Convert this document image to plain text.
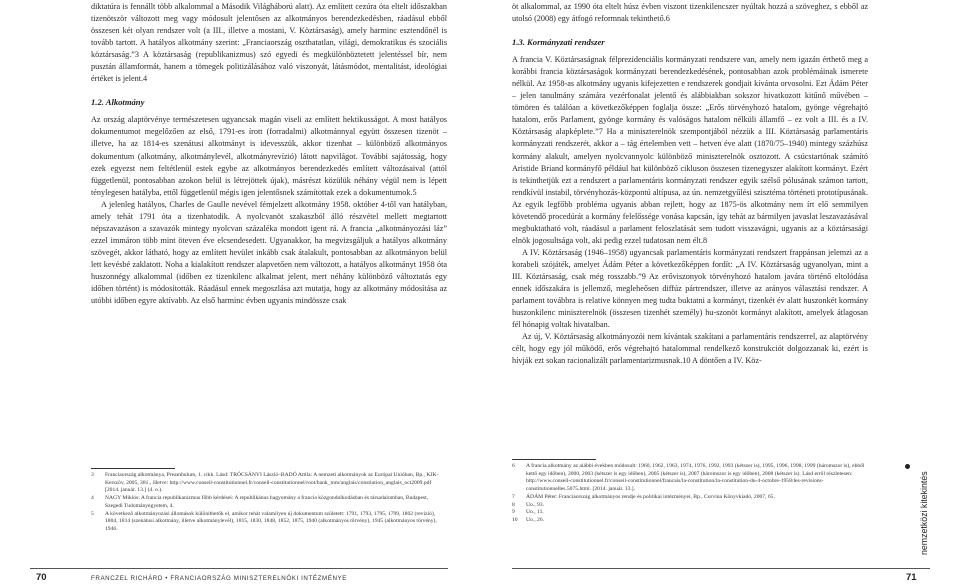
diktatúra is fennállt több alkalommal a Második Világháború alatt). Az említett cezúra óta eltelt időszakban tizenötször változott meg vagy módosult jelentősen az alkotmányos berendezkedésben, ráadásul ebből összesen két olyan rendszer volt (a III., illetve a mostani, V. Köztársaság), amely harminc esztendőnél is tovább tartott. A hatályos alkotmány szerint: „Franciaország oszthatatlan, világi, demokratikus és szociális köztársaság.”3 A köztársaság (republikanizmus) szó egyedi és megkülönböztetett jelentéssel bír, nem pusztán államformát, hanem a tömegek politizálásához való viszonyát, látásmódot, mentalitást, ideológiai értéket is jelent.4

1.2. Alkotmány

Az ország alaptörvénye természetesen ugyancsak magán viseli az említett hektikusságot. A most hatályos dokumentumot megelőzően az első, 1791-es írott (forradalmi) alkotmánnyal együtt összesen tizenöt – illetve, ha az 1814-es szenátusi alkotmányt is idevesszük, akkor tizenhat – különböző alkotmányos dokumentum (alkotmány, alkotmánylevél, alkotmányrevízió) látott napvilágot. További sajátosság, hogy ezek egyezst nem feltétlenül estek egybe az alkotmányos berendezkedés említett változásaival (attól függetlenül, pontosabban azokon belül is létrejöttek újak), másrészt közülük néhány végül nem is lépett ténylegesen hatályba, ettől függetlenül mégis igen jelentősnek számítottak ezek a dokumentumok.5

A jelenleg hatályos, Charles de Gaulle nevével fémjelzett alkotmány 1958. október 4-től van hatályban, amely tehát 1791 óta a tizenhatodik. A nyolcvanöt szakaszból álló részvétel mellett megtartott népszavazáson a szavazók mintegy nyolcvan százaléka mondott igent rá. A francia „alkotmányozási láz” ezzel immáron több mint öteven éve elcsendesedett. Ugyanakkor, ha megvizsgáljuk a hatályos alkotmány szövegét, akkor látható, hogy az említett hevület inkább csak átalakult, pontosabban az alkotmányon belül lett kevésbé zaklatott. Noha a kialakított rendszer alapvetően nem változott, a hatályos alkotmányt 1958 óta huszonnégy alkalommal (időben ez tizenkilenc alkalmat jelent, mert néhány különböző változtatás egy időben történt) is módosították. Ráadásul ennek megoszlása azt mutatja, hogy az alkotmány módosítása az utóbbi időben egyre aktívabb. Az első harminc évben ugyanis mindössze csak

3	Franciaország alkotmánya, Preambulum, 1. cikk. Lásd: TRÓCSÁNYI László–BADÓ Attila: A nemzeti alkotmányok az Európai Unióban, Bp., KJK-Kerszöv, 2005, 381., illetve: http://www.conseil-constitutionnel.fr/conseil-constitutionnel/root/bank_mm/anglais/constiution_anglais_oct2009.pdf [2014. január. 13.] (4. o.).
4	NAGY Miklós: A francia republikanizmus főbb kérdései: A republikánus hagyomány a francia közgondolkodásban és társadalomban, Budapest, Szegedi Tudományegyetem, 4.
5	A következő alkotmányozási állomások különíthetők el, amikor tehát valamilyen új dokumentum született: 1791, 1793, 1795, 1799, 1802 (revízió), 1804, 1814 (szenátusi alkotmány, illetve alkotmánylevél), 1815, 1830, 1848, 1852, 1875, 1940 (alkotmányos törvény), 1945 (alkotmányos törvény), 1946.
70	FRANCZEL RICHÁRD • FRANCIAORSZÁG MINISZTERELNÖKI INTÉZMÉNYE

öt alkalommal, az 1990 óta eltelt húsz évben viszont tizenkilencszer nyúltak hozzá a szöveghez, s ebből az utolsó (2008) egy átfogó reformnak tekinthető.6

1.3. Kormányzati rendszer

A francia V. Köztársaságnak félprezidenciális kormányzati rendszere van, amely nem igazán érthető meg a korábbi francia köztársaságok kormányzati berendezkedésének, pontosabban azok problémáinak ismerete nélkül. Az 1958-as alkotmány ugyanis kifejezetten e rendszerek gondjait kívánta orvosolni. Ezt Ádám Péter – jelen tanulmány számára vezérfonalat jelentő és alábbiakban sokszor hivatkozott kitűnő művében – tömören és találóan a következőképpen foglalja össze: „Erős törvényhozó hatalom, gyönge végrehajtó hatalom, erős Parlament, gyönge kormány és valóságos hatalom nélküli államfő – ez volt a III. és a IV. Köztársaság alapképlete.”7 Ha a miniszterelnök szempontjából nézzük a III. Köztársaság parlamentáris kormányzati rendszerét, akkor a – tág értelemben vett – hetven éve alatt (1870/75–1940) mintegy százhúsz kormány alakult, amelyen nyolcvannyolc különböző miniszterelnök osztozott. A csúcstartónak számító Aristide Briand kormányfő például hat különböző cikluson összesen tizenegyszer alakított kormányt. Ezért is tekinthetjük ezt a rendszert a parlamentáris kormányzati rendszer egyik szélső pólusának számon tartott, rendkívül instabil, törvényhozás-központú altípusa, az ún. nemzetgyűlési szisztéma történeti prototípusának. Az egyik legfőbb probléma ugyanis abban rejlett, hogy az 1875-ös alkotmány nem írt elő semmilyen követendő procedúrát a kormány felelőssége vonása kapcsán, így tehát az bármilyen javaslat leszavazásával megbuktatható volt, ráadásul a parlament feloszlatását sem tudott visszavágni, ugyanis az a köztársasági elnök jogosultsága volt, aki pedig ezzel tudatosan nem élt.8

A IV. Köztársaság (1946–1958) ugyancsak parlamentáris kormányzati rendszert frappánsan jelemzi az a korabeli szójáték, amelyet Ádám Péter a következőképpen fordít: „A IV. Köztársaság ugyanolyan, mint a III. Köztársaság, csak még rosszabb.”9 Az erőviszonyok törvényhozó hatalom javára történő eltolódása ennek időszakára is jellemző, megleheősen diffúz pártrendszer, illetve az arányos választási rendszer. A parlament továbbra is relative könnyen meg tudta buktatni a kormányt, tizenkét év alatt huszonkét kormány huszonkilenc miniszterelnök (összesen tizenhét személy) hu-szonöt kormányt alakított, amelyek átlagosan fél hónapig voltak hivatalban.

Az új, V. Köztársaság alkotmányozói nem kívántak szakítani a parlamentáris rendszerrel, az alaptörvény célt, hogy egy jól működő, erős végrehajtó hatalommal rendelkező konstrukciót dolgozzanak ki, ezért is hívják ezt sokan racionalizált parlamentarizmusnak.10 A döntően a IV. Köz-

6	A francia alkotmány az alábbi években módosult: 1960, 1962, 1963, 1974, 1976, 1992, 1993 (kétszer is), 1995, 1996, 1998, 1999 (háromszor is), ebből kettő egy időben), 2000, 2003 (kétszer is egy időben), 2005 (kétszer is), 2007 (háromszor is egy időben), 2008 (kétszer is). Lásd erről részletesen: http://www.conseil-constitutionnel.fr/conseil-constitutionnel/francais/la-constitution/la-constitution-du-4-octobre-1958/les-revisions-constitutionnelles.5075.html. [2014. január. 13.].
7	ÁDÁM Péter: Franciaország alkotmányos rendje és politikai intézményei, Bp., Corvina Könyvkiadó, 2007, 65.
8	Uo., 93.
9	Uo., 11.
10	Uo., 26.	nemzetközi kitekintés
71
